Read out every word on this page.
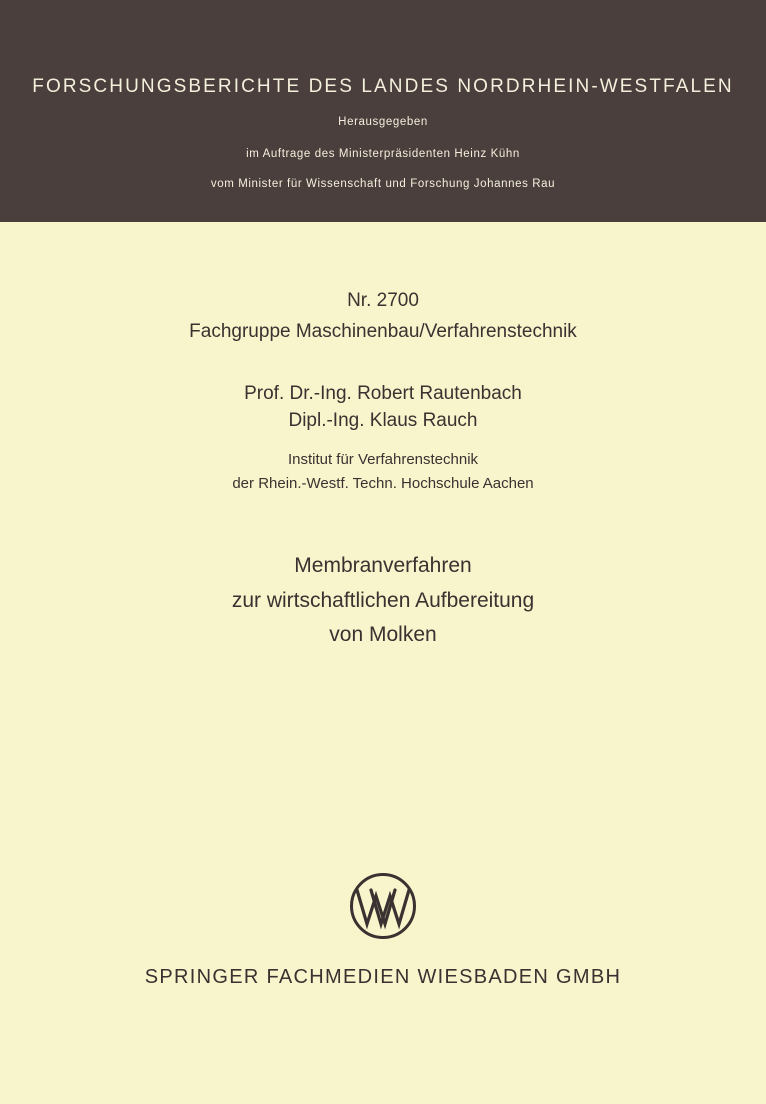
FORSCHUNGSBERICHTE DES LANDES NORDRHEIN-WESTFALEN
Herausgegeben
im Auftrage des Ministerpräsidenten Heinz Kühn
vom Minister für Wissenschaft und Forschung Johannes Rau
Nr. 2700
Fachgruppe Maschinenbau/Verfahrenstechnik
Prof. Dr.-Ing. Robert Rautenbach
Dipl.-Ing. Klaus Rauch
Institut für Verfahrenstechnik
der Rhein.-Westf. Techn. Hochschule Aachen
Membranverfahren
zur wirtschaftlichen Aufbereitung
von Molken
SPRINGER FACHMEDIEN WIESBADEN GMBH
